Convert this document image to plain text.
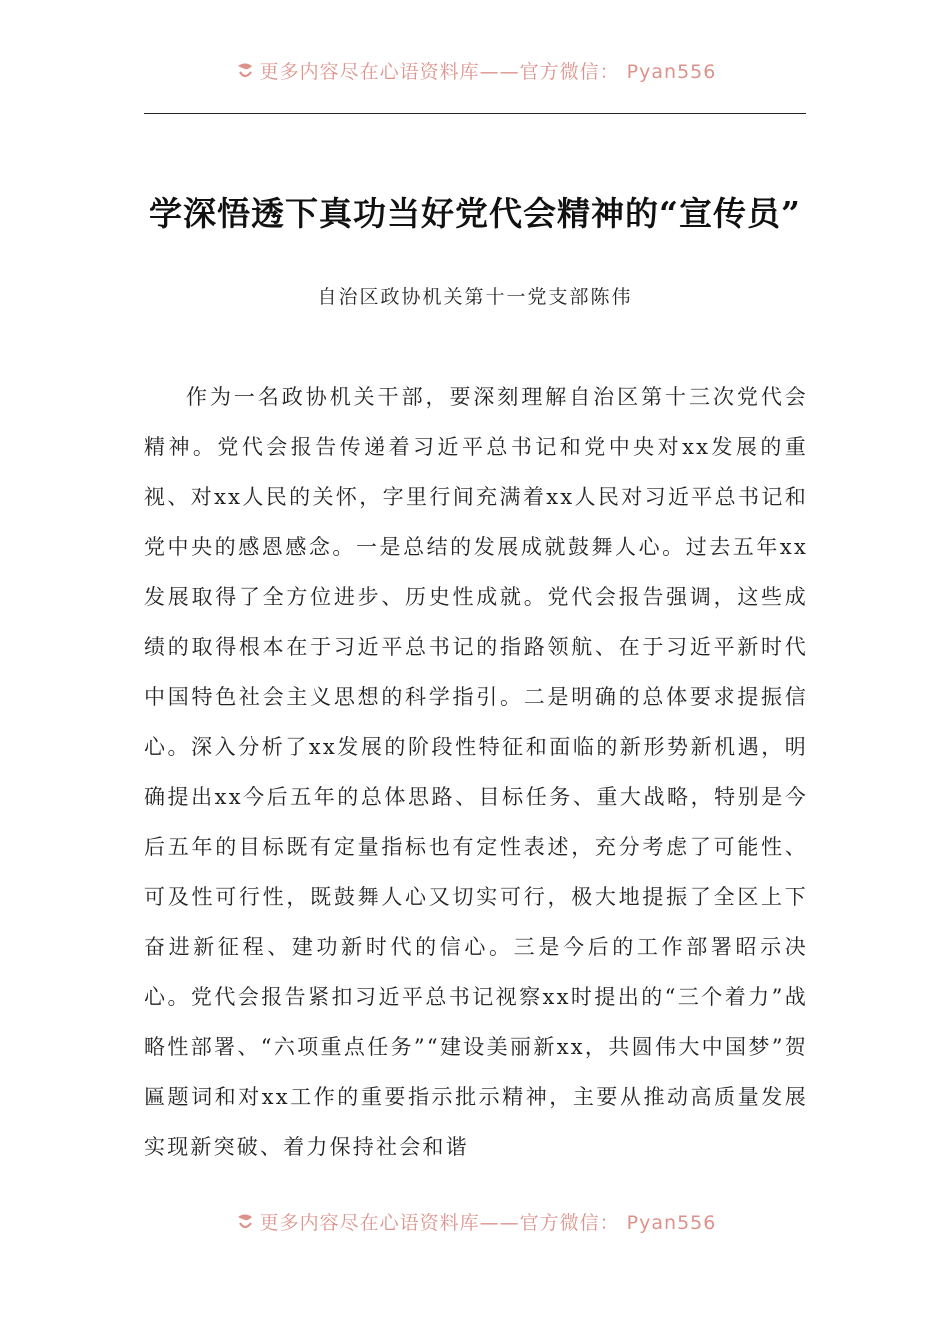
更多内容尽在心语资料库——官方微信： Pyan556
学深悟透下真功当好党代会精神的“宣传员”
自治区政协机关第十一党支部陈伟

作为一名政协机关干部，要深刻理解自治区第十三次党代会精神。党代会报告传递着习近平总书记和党中央对xx发展的重视、对xx人民的关怀，字里行间充满着xx人民对习近平总书记和党中央的感恩感念。一是总结的发展成就鼓舞人心。过去五年xx发展取得了全方位进步、历史性成就。党代会报告强调，这些成绩的取得根本在于习近平总书记的指路领航、在于习近平新时代中国特色社会主义思想的科学指引。二是明确的总体要求提振信心。深入分析了xx发展的阶段性特征和面临的新形势新机遇，明确提出xx今后五年的总体思路、目标任务、重大战略，特别是今后五年的目标既有定量指标也有定性表述，充分考虑了可能性、可及性可行性，既鼓舞人心又切实可行，极大地提振了全区上下奋进新征程、建功新时代的信心。三是今后的工作部署昭示决心。党代会报告紧扣习近平总书记视察xx时提出的“三个着力”战略性部署、“六项重点任务”“建设美丽新xx，共圆伟大中国梦”贺匾题词和对xx工作的重要指示批示精神，主要从推动高质量发展实现新突破、着力保持社会和谐

更多内容尽在心语资料库——官方微信： Pyan556
